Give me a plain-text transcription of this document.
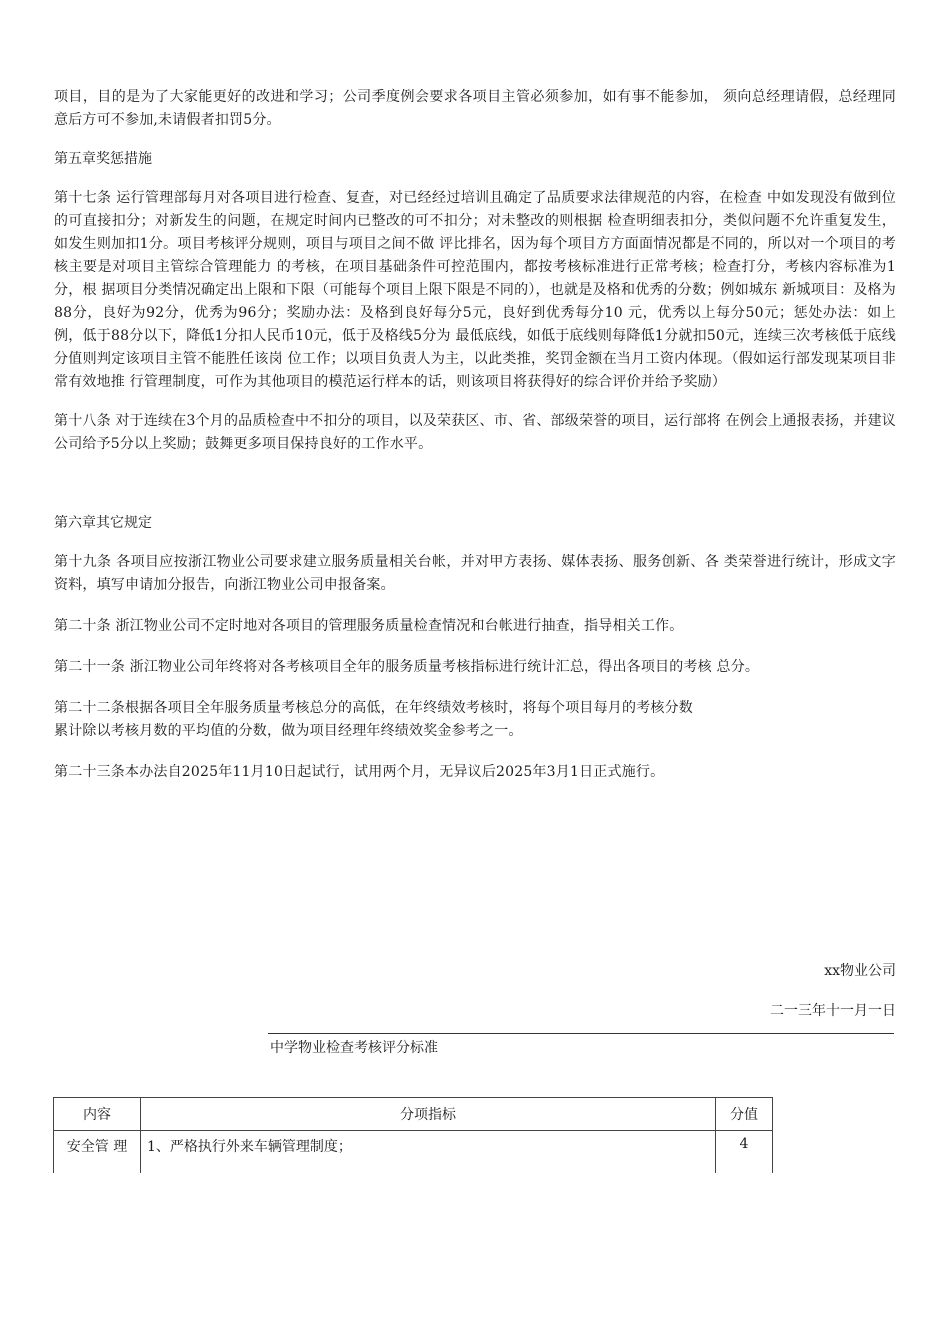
项目，目的是为了大家能更好的改进和学习；公司季度例会要求各项目主管必须参加，如有事不能参加， 须向总经理请假，总经理同意后方可不参加,未请假者扣罚5分。

第五章奖惩措施

第十七条 运行管理部每月对各项目进行检查、复查，对已经经过培训且确定了品质要求法律规范的内容，在检查 中如发现没有做到位的可直接扣分；对新发生的问题，在规定时间内已整改的可不扣分；对未整改的则根据 检查明细表扣分，类似问题不允许重复发生，如发生则加扣1分。项目考核评分规则，项目与项目之间不做 评比排名，因为每个项目方方面面情况都是不同的，所以对一个项目的考核主要是对项目主管综合管理能力 的考核，在项目基础条件可控范围内，都按考核标准进行正常考核；检查打分，考核内容标准为1分，根 据项目分类情况确定出上限和下限（可能每个项目上限下限是不同的），也就是及格和优秀的分数；例如城东 新城项目：及格为88分，良好为92分，优秀为96分；奖励办法：及格到良好每分5元，良好到优秀每分10 元，优秀以上每分50元；惩处办法：如上例，低于88分以下，降低1分扣人民币10元，低于及格线5分为 最低底线，如低于底线则每降低1分就扣50元，连续三次考核低于底线分值则判定该项目主管不能胜任该岗 位工作；以项目负责人为主，以此类推，奖罚金额在当月工资内体现。（假如运行部发现某项目非常有效地推 行管理制度，可作为其他项目的模范运行样本的话，则该项目将获得好的综合评价并给予奖励）

第十八条 对于连续在3个月的品质检查中不扣分的项目，以及荣获区、市、省、部级荣誉的项目，运行部将 在例会上通报表扬，并建议公司给予5分以上奖励；鼓舞更多项目保持良好的工作水平。

第六章其它规定

第十九条 各项目应按浙江物业公司要求建立服务质量相关台帐，并对甲方表扬、媒体表扬、服务创新、各 类荣誉进行统计，形成文字资料，填写申请加分报告，向浙江物业公司申报备案。

第二十条 浙江物业公司不定时地对各项目的管理服务质量检查情况和台帐进行抽查，指导相关工作。

第二十一条 浙江物业公司年终将对各考核项目全年的服务质量考核指标进行统计汇总，得出各项目的考核 总分。

第二十二条根据各项目全年服务质量考核总分的高低，在年终绩效考核时，将每个项目每月的考核分数

累计除以考核月数的平均值的分数，做为项目经理年终绩效奖金参考之一。

第二十三条本办法自2025年11月10日起试行，试用两个月，无异议后2025年3月1日正式施行。

xx物业公司
二一三年十一月一日
中学物业检查考核评分标准
内容	分项指标	分值
安全管 理	1、严格执行外来车辆管理制度；	4
